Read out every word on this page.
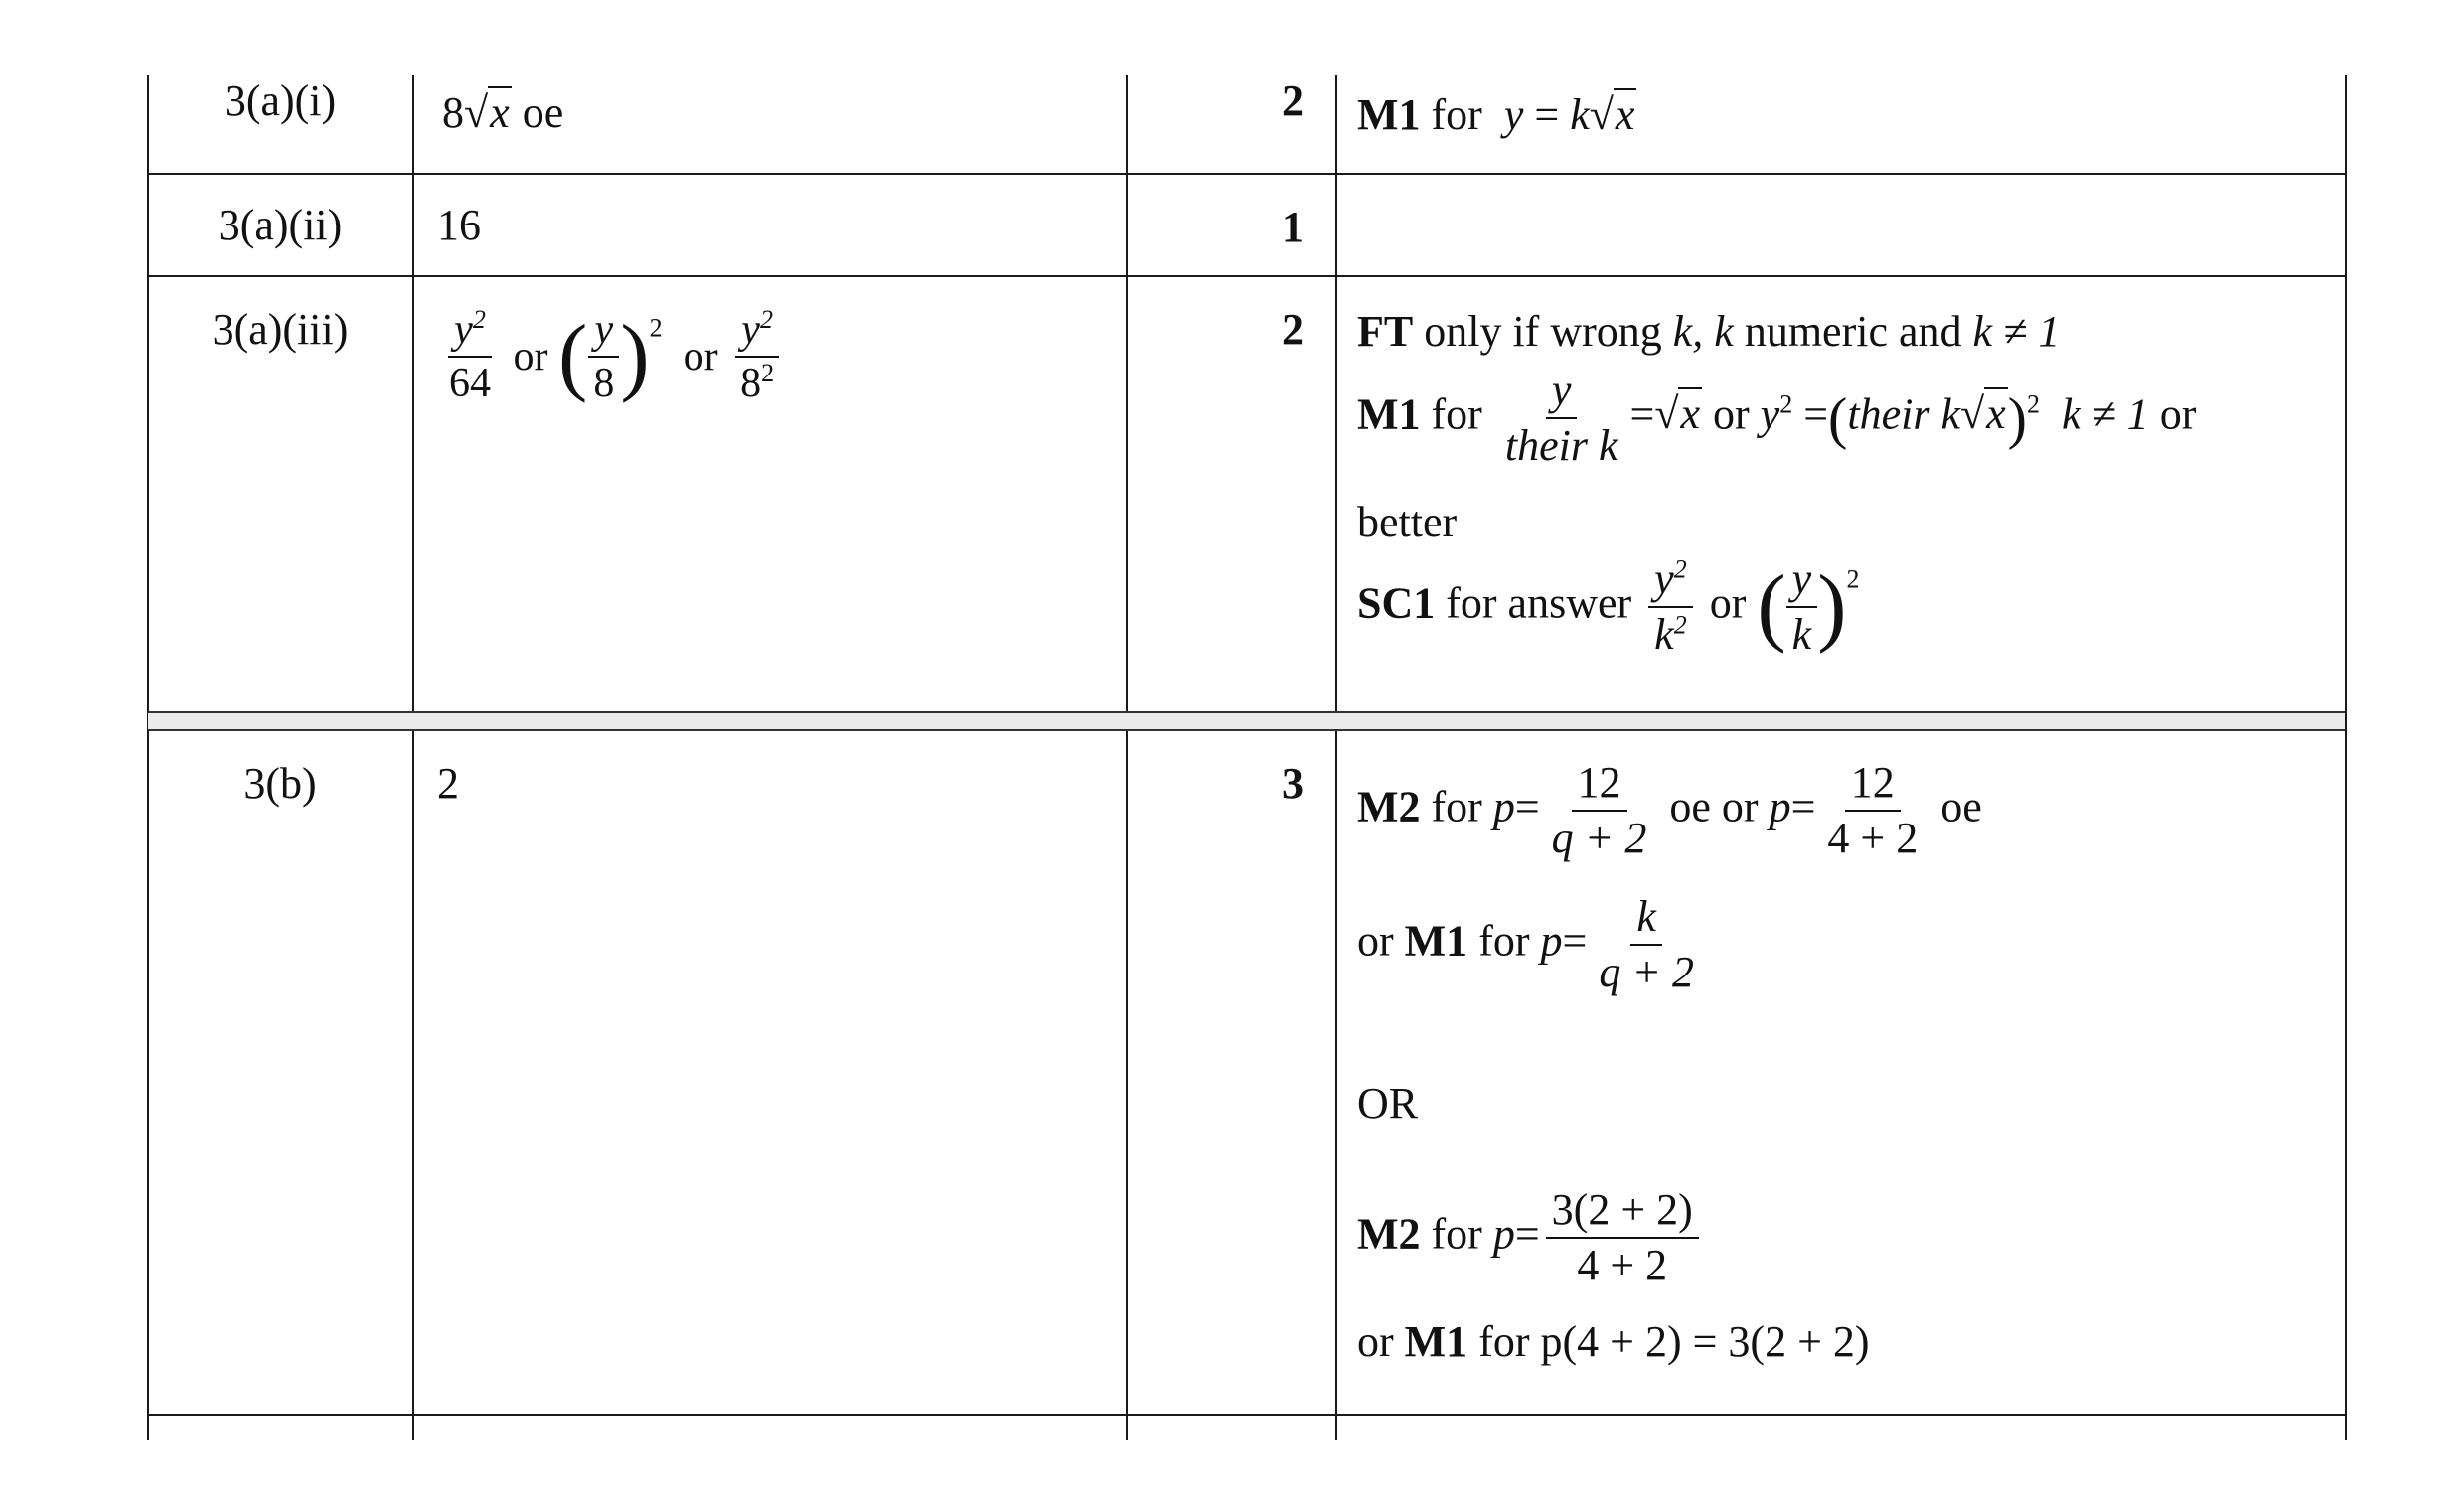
3(a)(i)	8√x oe	2 M1 for y = k√x
3(a)(ii)	16	1
3(a)(iii)	$\frac{y^2}{64}$ or ( $\frac{y}{8} )^2$  or $\frac{y^2}{8^2}$	2 FT only if wrong k, k numeric and k ≠ 1
M1 for $\frac{y}{\text{their k}} =√x$ or $y^2$ =(their k√x)$^2$ k ≠ 1 or
better
SC1 for answer $\frac{y^2}{k^2}$ or ( $\frac{y}{k} )^2$
3(b)	2	3 M2 for $p= \frac{12}{q + 2}$ oe or $p= \frac{12}{4 + 2}$ oe
or M1 for $p= \frac{k}{q + 2}$
OR
M2 for $p= \frac{3(2 + 2)}{4 + 2}$
or M1 for p(4 + 2) = 3(2 + 2)
